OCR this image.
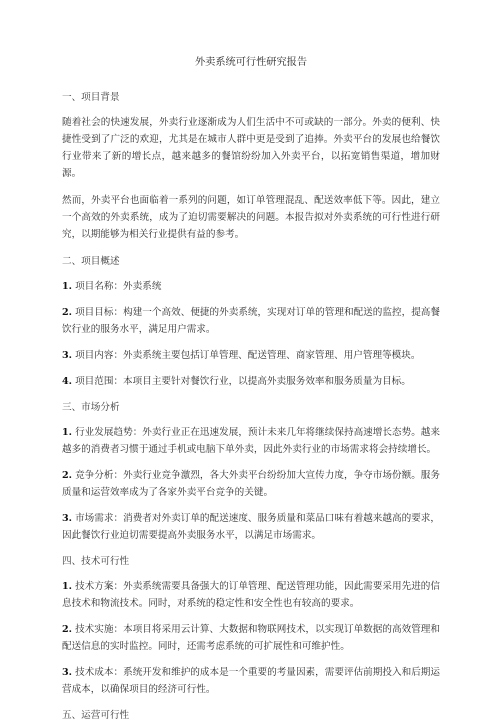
外卖系统可行性研究报告
一、项目背景

随着社会的快速发展，外卖行业逐渐成为人们生活中不可或缺的一部分。外卖的便利、快捷性受到了广泛的欢迎，尤其是在城市人群中更是受到了追捧。外卖平台的发展也给餐饮行业带来了新的增长点，越来越多的餐馆纷纷加入外卖平台，以拓宽销售渠道，增加财源。

然而，外卖平台也面临着一系列的问题，如订单管理混乱、配送效率低下等。因此，建立一个高效的外卖系统，成为了迫切需要解决的问题。本报告拟对外卖系统的可行性进行研究，以期能够为相关行业提供有益的参考。

二、项目概述

1. 项目名称：外卖系统

2. 项目目标：构建一个高效、便捷的外卖系统，实现对订单的管理和配送的监控，提高餐饮行业的服务水平，满足用户需求。

3. 项目内容：外卖系统主要包括订单管理、配送管理、商家管理、用户管理等模块。

4. 项目范围：本项目主要针对餐饮行业，以提高外卖服务效率和服务质量为目标。

三、市场分析

1. 行业发展趋势：外卖行业正在迅速发展，预计未来几年将继续保持高速增长态势。越来越多的消费者习惯于通过手机或电脑下单外卖，因此外卖行业的市场需求将会持续增长。

2. 竞争分析：外卖行业竞争激烈，各大外卖平台纷纷加大宣传力度，争夺市场份额。服务质量和运营效率成为了各家外卖平台竞争的关键。

3. 市场需求：消费者对外卖订单的配送速度、服务质量和菜品口味有着越来越高的要求，因此餐饮行业迫切需要提高外卖服务水平，以满足市场需求。

四、技术可行性

1. 技术方案：外卖系统需要具备强大的订单管理、配送管理功能，因此需要采用先进的信息技术和物流技术。同时，对系统的稳定性和安全性也有较高的要求。

2. 技术实施：本项目将采用云计算、大数据和物联网技术，以实现订单数据的高效管理和配送信息的实时监控。同时，还需考虑系统的可扩展性和可维护性。

3. 技术成本：系统开发和维护的成本是一个重要的考量因素，需要评估前期投入和后期运营成本，以确保项目的经济可行性。

五、运营可行性
